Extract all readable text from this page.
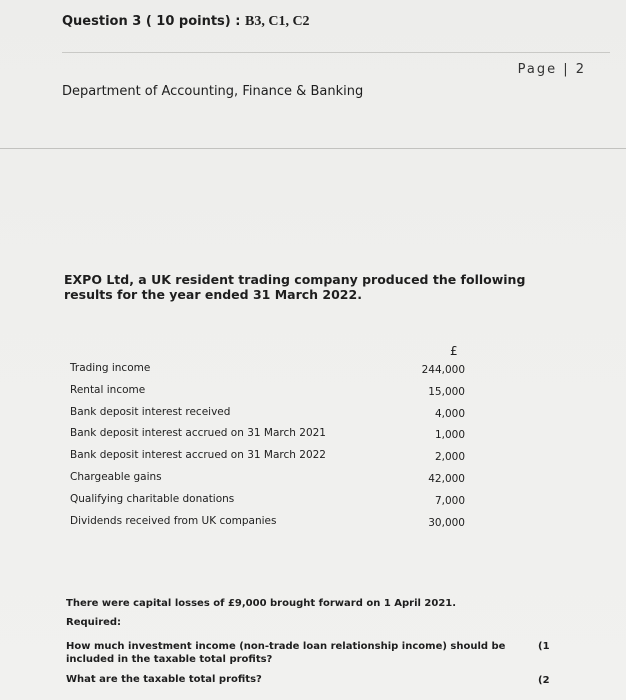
Question 3 ( 10 points) : B3, C1, C2
Page | 2
Department of Accounting, Finance & Banking
EXPO Ltd, a UK resident trading company produced the following results for the year ended 31 March 2022.
£
Trading income	244,000
Rental income	15,000
Bank deposit interest received	4,000
Bank deposit interest accrued on 31 March 2021	1,000
Bank deposit interest accrued on 31 March 2022	2,000
Chargeable gains	42,000
Qualifying charitable donations	7,000
Dividends received from UK companies	30,000
There were capital losses of £9,000 brought forward on 1 April 2021.
Required:
How much investment income (non-trade loan relationship income) should be included in the taxable total profits?
(1
What are the taxable total profits?	(2
